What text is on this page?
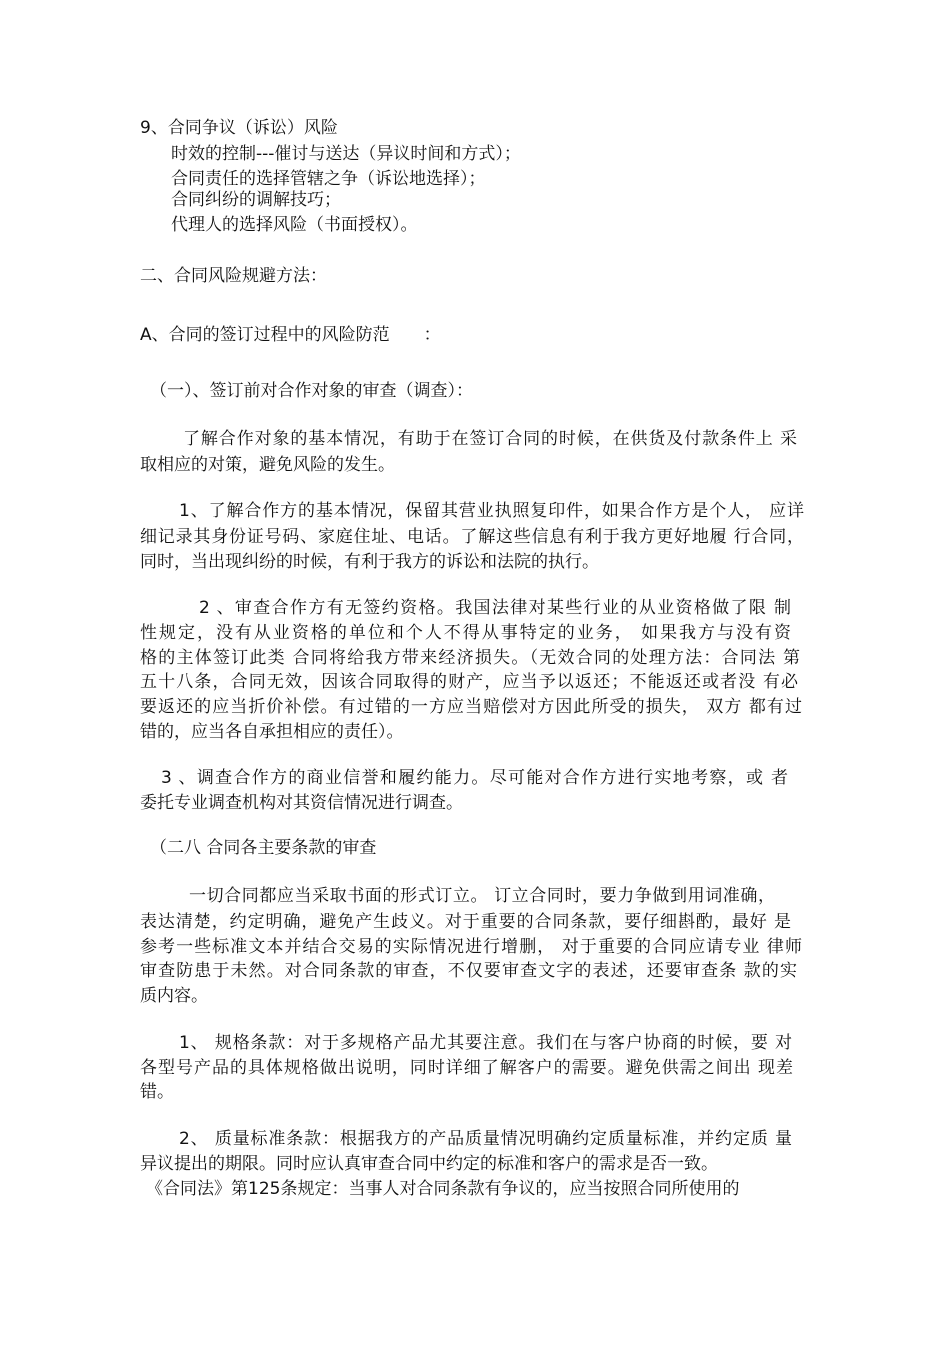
9、合同争议（诉讼）风险

时效的控制---催讨与送达（异议时间和方式）；

合同责任的选择管辖之争（诉讼地选择）；

合同纠纷的调解技巧；

代理人的选择风险（书面授权）。

二、合同风险规避方法：

A、合同的签订过程中的风险防范　　：

（一）、签订前对合作对象的审查（调查）：

了解合作对象的基本情况，有助于在签订合同的时候，在供货及付款条件上 采

取相应的对策，避免风险的发生。

1、了解合作方的基本情况，保留其营业执照复印件，如果合作方是个人， 应详

细记录其身份证号码、家庭住址、电话。了解这些信息有利于我方更好地履 行合同，

同时，当出现纠纷的时候，有利于我方的诉讼和法院的执行。

2 、审查合作方有无签约资格。我国法律对某些行业的从业资格做了限 制

性规定，没有从业资格的单位和个人不得从事特定的业务， 如果我方与没有资

格的主体签订此类 合同将给我方带来经济损失。（无效合同的处理方法：合同法 第

五十八条，合同无效，因该合同取得的财产，应当予以返还；不能返还或者没 有必

要返还的应当折价补偿。有过错的一方应当赔偿对方因此所受的损失， 双方 都有过

错的，应当各自承担相应的责任）。

3 、调查合作方的商业信誉和履约能力。尽可能对合作方进行实地考察，或 者

委托专业调查机构对其资信情况进行调查。

（二八 合同各主要条款的审查

一切合同都应当采取书面的形式订立。 订立合同时，要力争做到用词准确，

表达清楚，约定明确，避免产生歧义。对于重要的合同条款，要仔细斟酌，最好 是

参考一些标准文本并结合交易的实际情况进行增删， 对于重要的合同应请专业 律师

审查防患于未然。对合同条款的审查，不仅要审查文字的表述，还要审查条 款的实

质内容。

1、 规格条款：对于多规格产品尤其要注意。我们在与客户协商的时候，要 对

各型号产品的具体规格做出说明，同时详细了解客户的需要。避免供需之间出 现差

错。

2、 质量标准条款：根据我方的产品质量情况明确约定质量标准，并约定质 量

异议提出的期限。同时应认真审查合同中约定的标准和客户的需求是否一致。

《合同法》第125条规定：当事人对合同条款有争议的，应当按照合同所使用的
